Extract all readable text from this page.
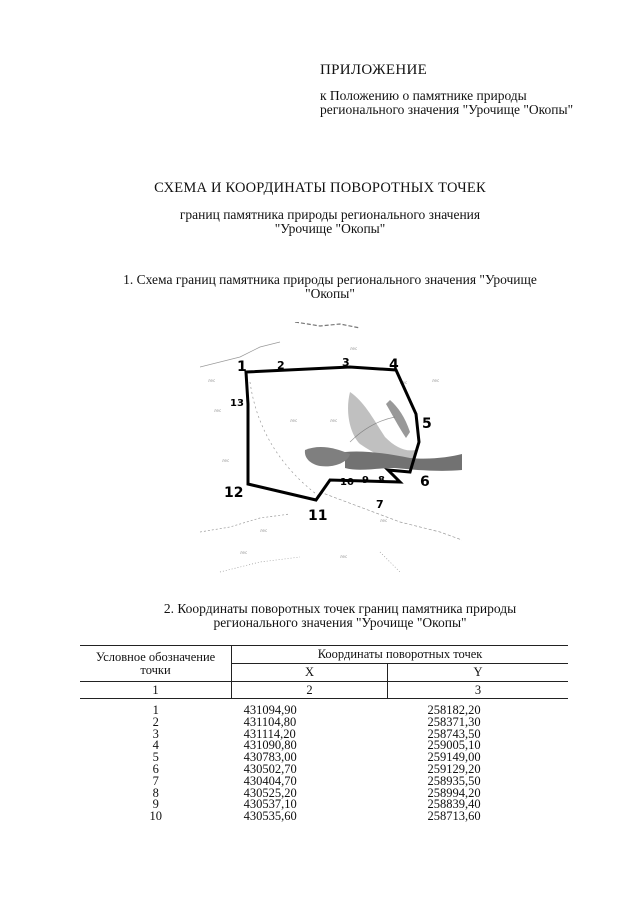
ПРИЛОЖЕНИЕ
к Положению о памятнике природы регионального значения "Урочище "Окопы"
СХЕМА И КООРДИНАТЫ ПОВОРОТНЫХ ТОЧЕК
границ памятника природы регионального значения "Урочище "Окопы"
1. Схема границ памятника природы регионального значения "Урочище "Окопы"
лес
лес
лес
лес
лес
лес	лес
лес	лес
лес
лес
лес
1	2	3	4
5
6
7
8
9
10
11
12
13
2. Координаты поворотных точек границ памятника природы регионального значения "Урочище "Окопы"
Условное обозначение точки	Координаты поворотных точек	
	X	Y
1	2	3

1	431094,90	258182,20
2	431104,80	258371,30
3	431114,20	258743,50
4	431090,80	259005,10
5	430783,00	259149,00
6	430502,70	259129,20
7	430404,70	258935,50
8	430525,20	258994,20
9	430537,10	258839,40
10	430535,60	258713,60
